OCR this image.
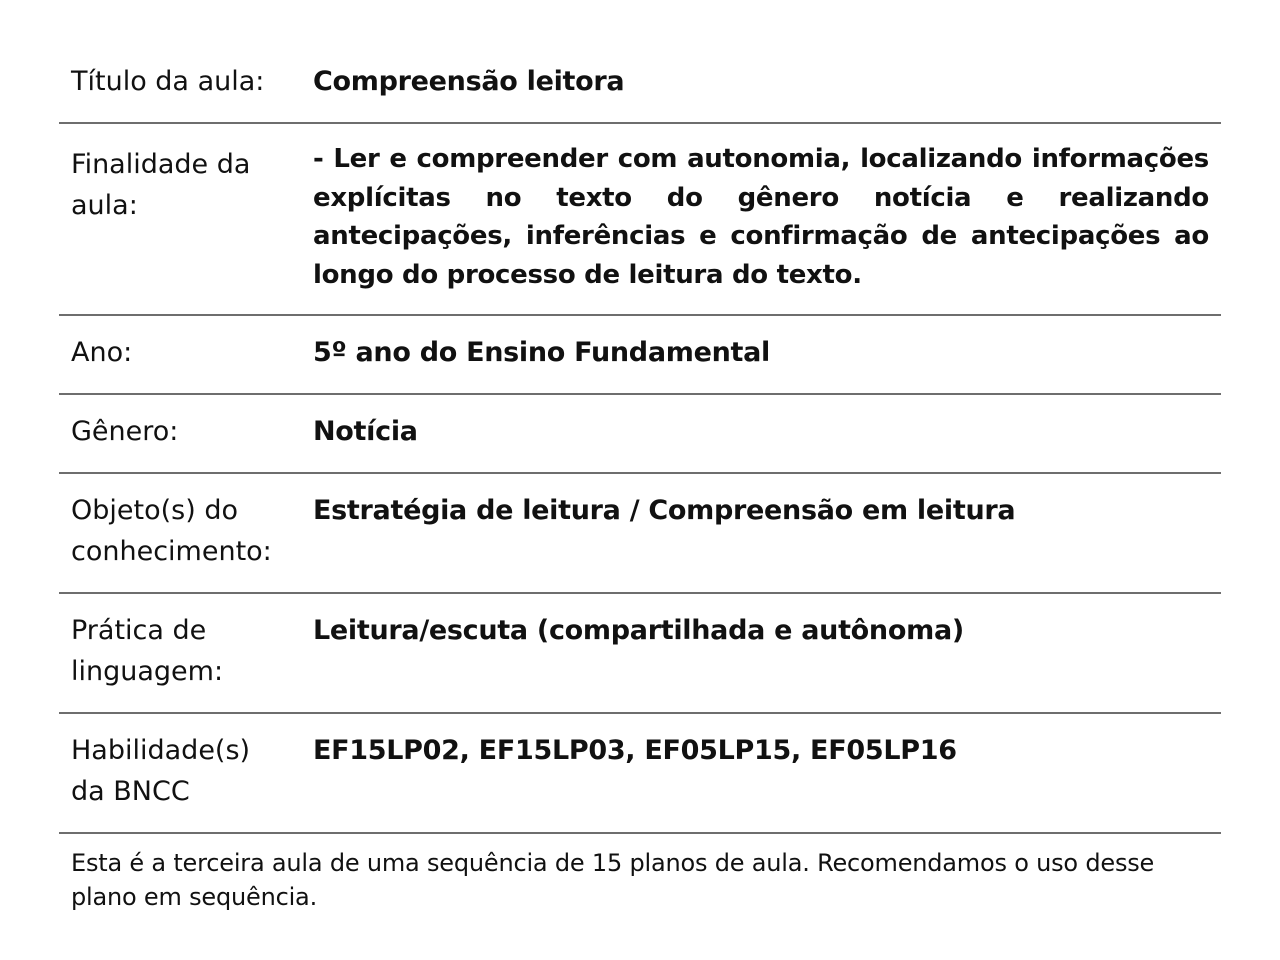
Título da aula:	Compreensão leitora
Finalidade da aula:	- Ler e compreender com autonomia, localizando informações explícitas no texto do gênero notícia e realizando antecipações, inferências e confirmação de antecipações ao longo do processo de leitura do texto.
Ano:	5º ano do Ensino Fundamental
Gênero:	Notícia
Objeto(s) do conhecimento:	Estratégia de leitura / Compreensão em leitura
Prática de linguagem:	Leitura/escuta (compartilhada e autônoma)
Habilidade(s) da BNCC	EF15LP02, EF15LP03, EF05LP15, EF05LP16
Esta é a terceira aula de uma sequência de 15 planos de aula. Recomendamos o uso desse plano em sequência.	
